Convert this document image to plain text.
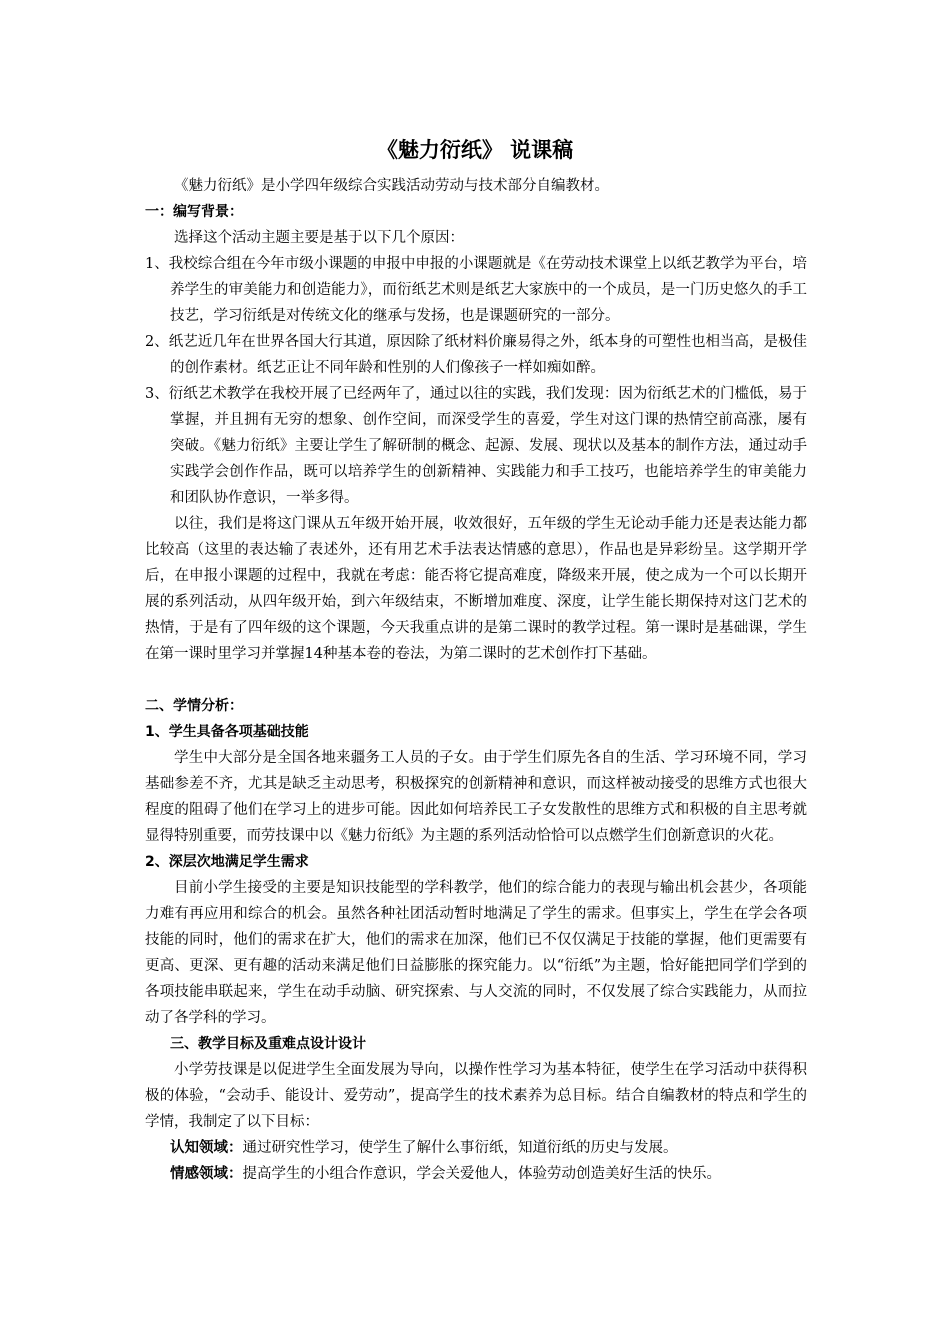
《魅力衍纸》 说课稿

《魅力衍纸》是小学四年级综合实践活动劳动与技术部分自编教材。

一：编写背景：

选择这个活动主题主要是基于以下几个原因：

1、我校综合组在今年市级小课题的申报中申报的小课题就是《在劳动技术课堂上以纸艺教学为平台，培养学生的审美能力和创造能力》，而衍纸艺术则是纸艺大家族中的一个成员，是一门历史悠久的手工技艺，学习衍纸是对传统文化的继承与发扬，也是课题研究的一部分。

2、纸艺近几年在世界各国大行其道，原因除了纸材料价廉易得之外，纸本身的可塑性也相当高，是极佳的创作素材。纸艺正让不同年龄和性别的人们像孩子一样如痴如醉。

3、衍纸艺术教学在我校开展了已经两年了，通过以往的实践，我们发现：因为衍纸艺术的门槛低，易于掌握，并且拥有无穷的想象、创作空间，而深受学生的喜爱，学生对这门课的热情空前高涨，屡有突破。《魅力衍纸》主要让学生了解研制的概念、起源、发展、现状以及基本的制作方法，通过动手实践学会创作作品，既可以培养学生的创新精神、实践能力和手工技巧，也能培养学生的审美能力和团队协作意识，一举多得。

以往，我们是将这门课从五年级开始开展，收效很好，五年级的学生无论动手能力还是表达能力都比较高（这里的表达输了表述外，还有用艺术手法表达情感的意思），作品也是异彩纷呈。这学期开学后，在申报小课题的过程中，我就在考虑：能否将它提高难度，降级来开展，使之成为一个可以长期开展的系列活动，从四年级开始，到六年级结束，不断增加难度、深度，让学生能长期保持对这门艺术的热情，于是有了四年级的这个课题，今天我重点讲的是第二课时的教学过程。第一课时是基础课，学生在第一课时里学习并掌握14种基本卷的卷法，为第二课时的艺术创作打下基础。

二、学情分析：

1、学生具备各项基础技能

学生中大部分是全国各地来疆务工人员的子女。由于学生们原先各自的生活、学习环境不同，学习基础参差不齐，尤其是缺乏主动思考，积极探究的创新精神和意识，而这样被动接受的思维方式也很大程度的阻碍了他们在学习上的进步可能。因此如何培养民工子女发散性的思维方式和积极的自主思考就显得特别重要，而劳技课中以《魅力衍纸》为主题的系列活动恰恰可以点燃学生们创新意识的火花。

2、深层次地满足学生需求

目前小学生接受的主要是知识技能型的学科教学，他们的综合能力的表现与输出机会甚少，各项能力难有再应用和综合的机会。虽然各种社团活动暂时地满足了学生的需求。但事实上，学生在学会各项技能的同时，他们的需求在扩大，他们的需求在加深，他们已不仅仅满足于技能的掌握，他们更需要有更高、更深、更有趣的活动来满足他们日益膨胀的探究能力。以“衍纸”为主题，恰好能把同学们学到的各项技能串联起来，学生在动手动脑、研究探索、与人交流的同时，不仅发展了综合实践能力，从而拉动了各学科的学习。

三、教学目标及重难点设计设计

小学劳技课是以促进学生全面发展为导向，以操作性学习为基本特征，使学生在学习活动中获得积极的体验，“会动手、能设计、爱劳动”，提高学生的技术素养为总目标。结合自编教材的特点和学生的学情，我制定了以下目标：

认知领域：通过研究性学习，使学生了解什么事衍纸，知道衍纸的历史与发展。

情感领域：提高学生的小组合作意识，学会关爱他人，体验劳动创造美好生活的快乐。
